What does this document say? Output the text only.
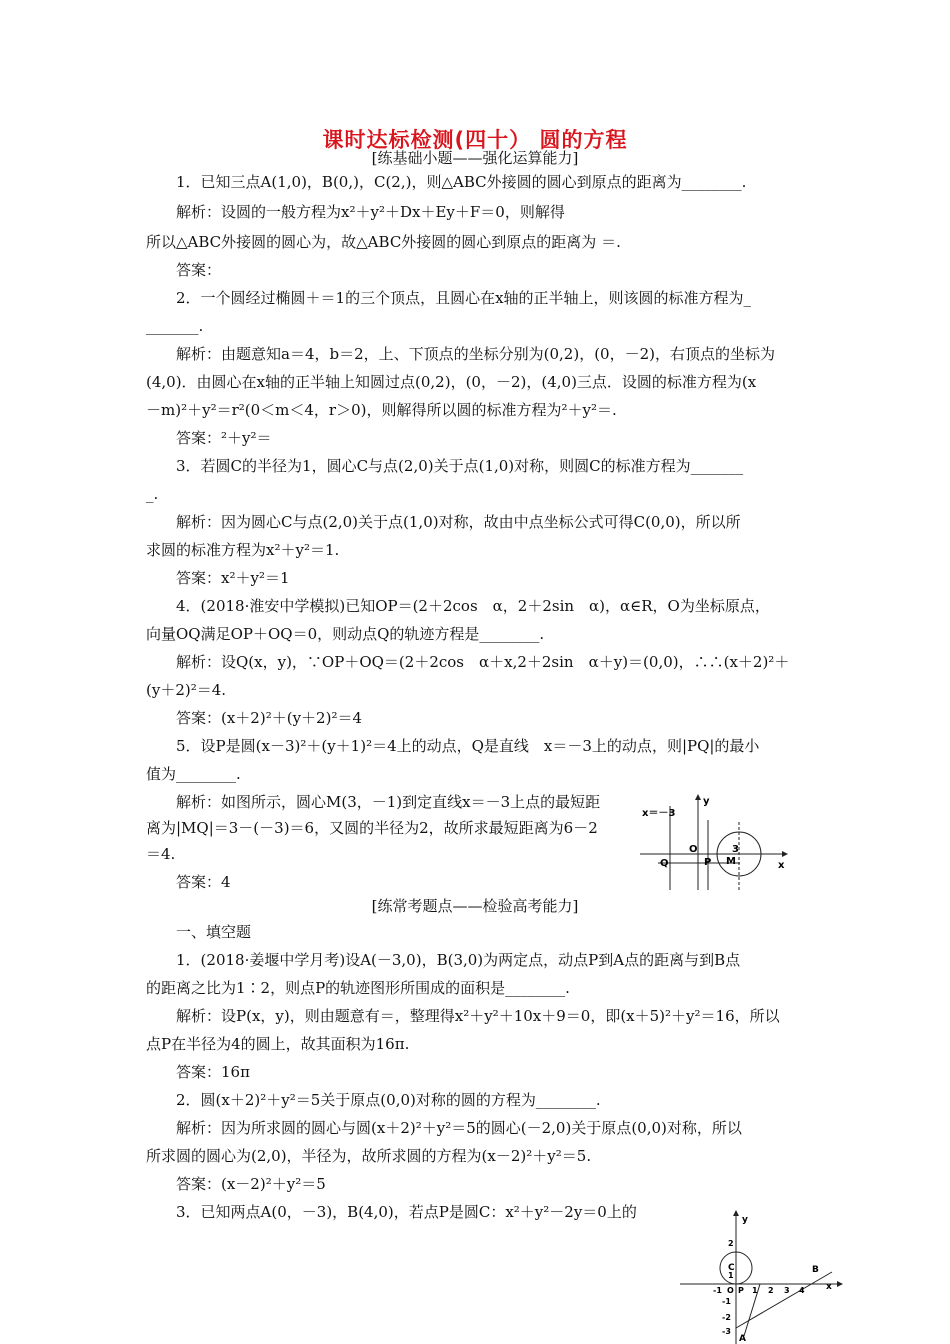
课时达标检测(四十） 圆的方程
[练基础小题——强化运算能力]
1．已知三点A(1,0)，B(0,)，C(2,)，则△ABC外接圆的圆心到原点的距离为________.
解析：设圆的一般方程为x²＋y²＋Dx＋Ey＋F＝0，则解得
所以△ABC外接圆的圆心为，故△ABC外接圆的圆心到原点的距离为 ＝.
答案：
2．一个圆经过椭圆＋＝1的三个顶点，且圆心在x轴的正半轴上，则该圆的标准方程为_
_______.
解析：由题意知a＝4，b＝2，上、下顶点的坐标分别为(0,2)，(0，－2)，右顶点的坐标为
(4,0)．由圆心在x轴的正半轴上知圆过点(0,2)，(0，－2)，(4,0)三点．设圆的标准方程为(x
－m)²＋y²＝r²(0＜m＜4，r＞0)，则解得所以圆的标准方程为²＋y²＝.
答案：²＋y²＝
3．若圆C的半径为1，圆心C与点(2,0)关于点(1,0)对称，则圆C的标准方程为_______
_.
解析：因为圆心C与点(2,0)关于点(1,0)对称，故由中点坐标公式可得C(0,0)，所以所
求圆的标准方程为x²＋y²＝1.
答案：x²＋y²＝1
4．(2018·淮安中学模拟)已知OP＝(2＋2cos　α，2＋2sin　α)，α∈R，O为坐标原点，
向量OQ满足OP＋OQ＝0，则动点Q的轨迹方程是________.
解析：设Q(x，y)，∵OP＋OQ＝(2＋2cos　α＋x,2＋2sin　α＋y)＝(0,0)，∴∴(x＋2)²＋
(y＋2)²＝4.
答案：(x＋2)²＋(y＋2)²＝4
5．设P是圆(x－3)²＋(y＋1)²＝4上的动点，Q是直线　x＝－3上的动点，则|PQ|的最小
值为________.
解析：如图所示，圆心M(3，－1)到定直线x＝－3上点的最短距
离为|MQ|＝3－(－3)＝6，又圆的半径为2，故所求最短距离为6－2
＝4.
答案：4
[练常考题点——检验高考能力]
一、填空题
1．(2018·姜堰中学月考)设A(－3,0)，B(3,0)为两定点，动点P到A点的距离与到B点
的距离之比为1∶2，则点P的轨迹图形所围成的面积是________.
解析：设P(x，y)，则由题意有＝，整理得x²＋y²＋10x＋9＝0，即(x＋5)²＋y²＝16，所以
点P在半径为4的圆上，故其面积为16π.
答案：16π
2．圆(x＋2)²＋y²＝5关于原点(0,0)对称的圆的方程为________.
解析：因为所求圆的圆心与圆(x＋2)²＋y²＝5的圆心(－2,0)关于原点(0,0)对称，所以
所求圆的圆心为(2,0)，半径为，故所求圆的方程为(x－2)²＋y²＝5.
答案：(x－2)²＋y²＝5
3．已知两点A(0，－3)，B(4,0)，若点P是圆C：x²＋y²－2y＝0上的
x＝－3
y
x
O	3
Q	P M
y
x
C
-1 O P 1 2 3 4
2
1
-1
-2
-3
A
B
